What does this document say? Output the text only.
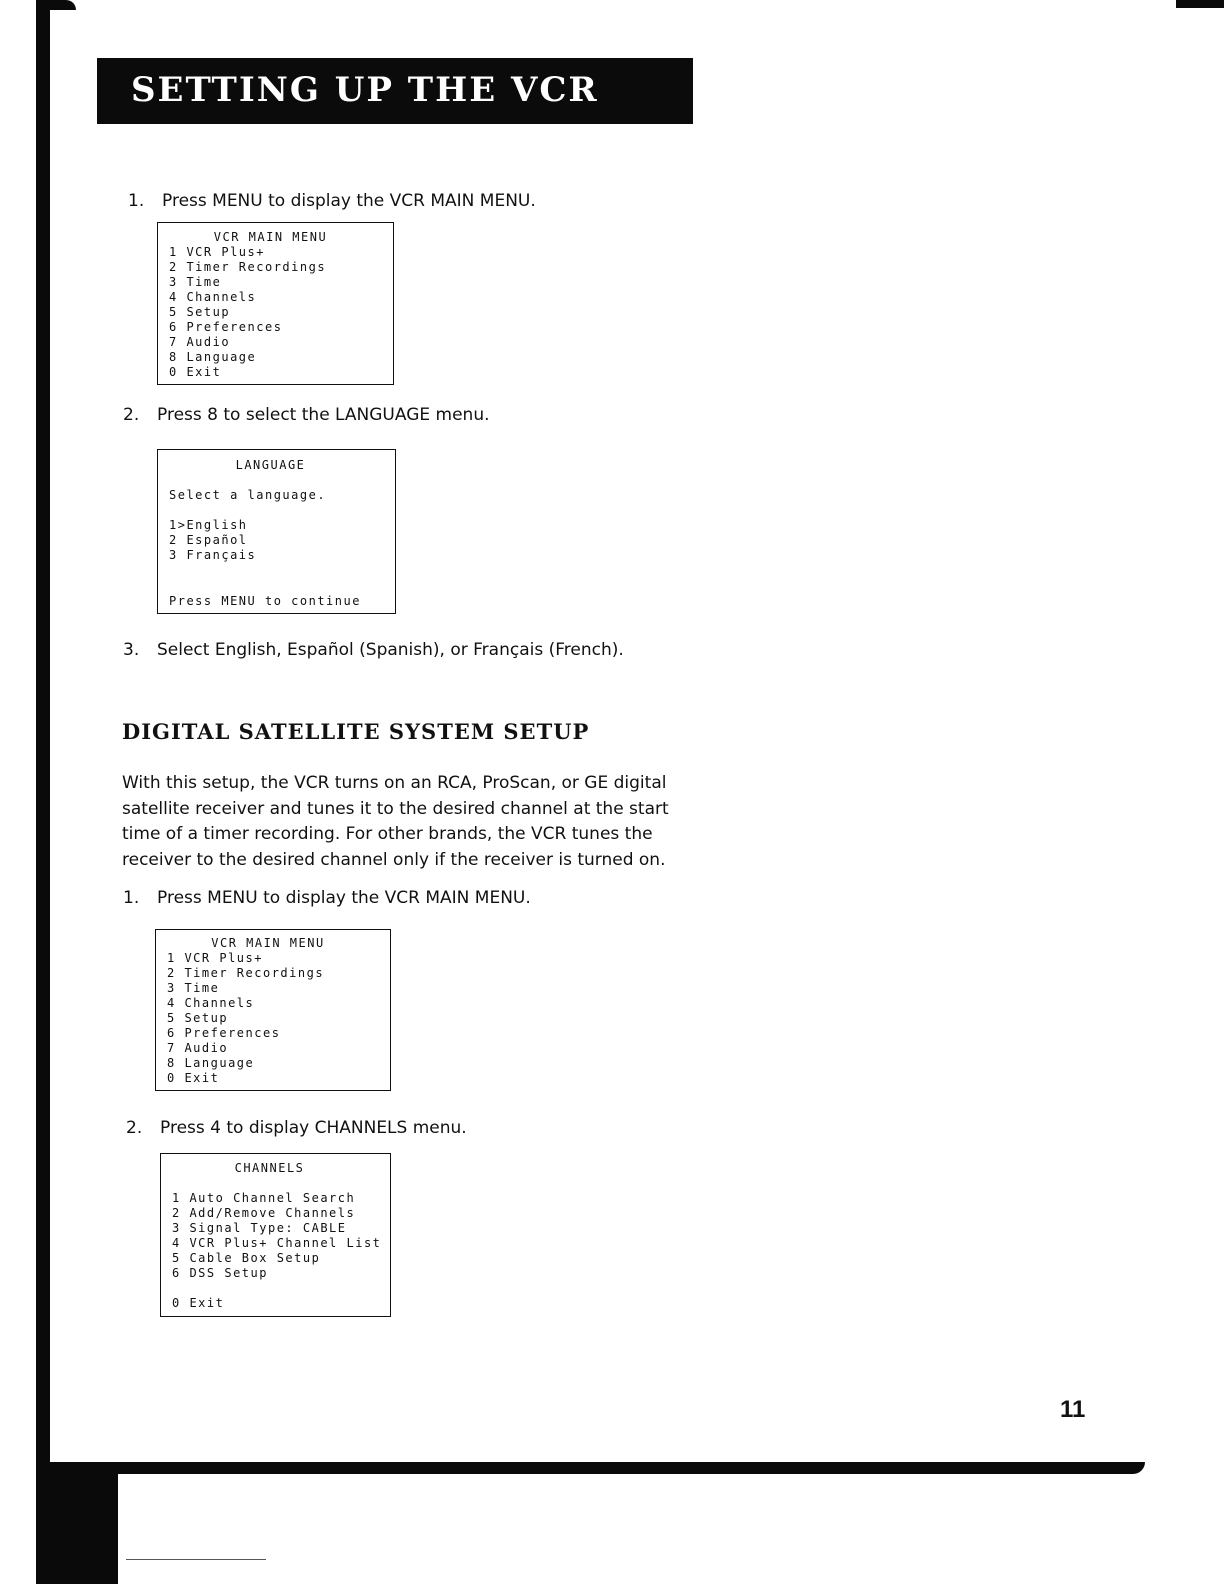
SETTING UP THE VCR
1. Press MENU to display the VCR MAIN MENU.
VCR MAIN MENU
1 VCR Plus+
2 Timer Recordings
3 Time
4 Channels
5 Setup
6 Preferences
7 Audio
8 Language
0 Exit
2. Press 8 to select the LANGUAGE menu.
LANGUAGE
Select a language.
1>English
2 Español
3 Français
Press MENU to continue
3. Select English, Español (Spanish), or Français (French).
DIGITAL SATELLITE SYSTEM SETUP

With this setup, the VCR turns on an RCA, ProScan, or GE digital satellite receiver and tunes it to the desired channel at the start time of a timer recording. For other brands, the VCR tunes the receiver to the desired channel only if the receiver is turned on.

1. Press MENU to display the VCR MAIN MENU.
VCR MAIN MENU
1 VCR Plus+
2 Timer Recordings
3 Time
4 Channels
5 Setup
6 Preferences
7 Audio
8 Language
0 Exit
2. Press 4 to display CHANNELS menu.
CHANNELS
1 Auto Channel Search
2 Add/Remove Channels
3 Signal Type: CABLE
4 VCR Plus+ Channel List
5 Cable Box Setup
6 DSS Setup
0 Exit

11
